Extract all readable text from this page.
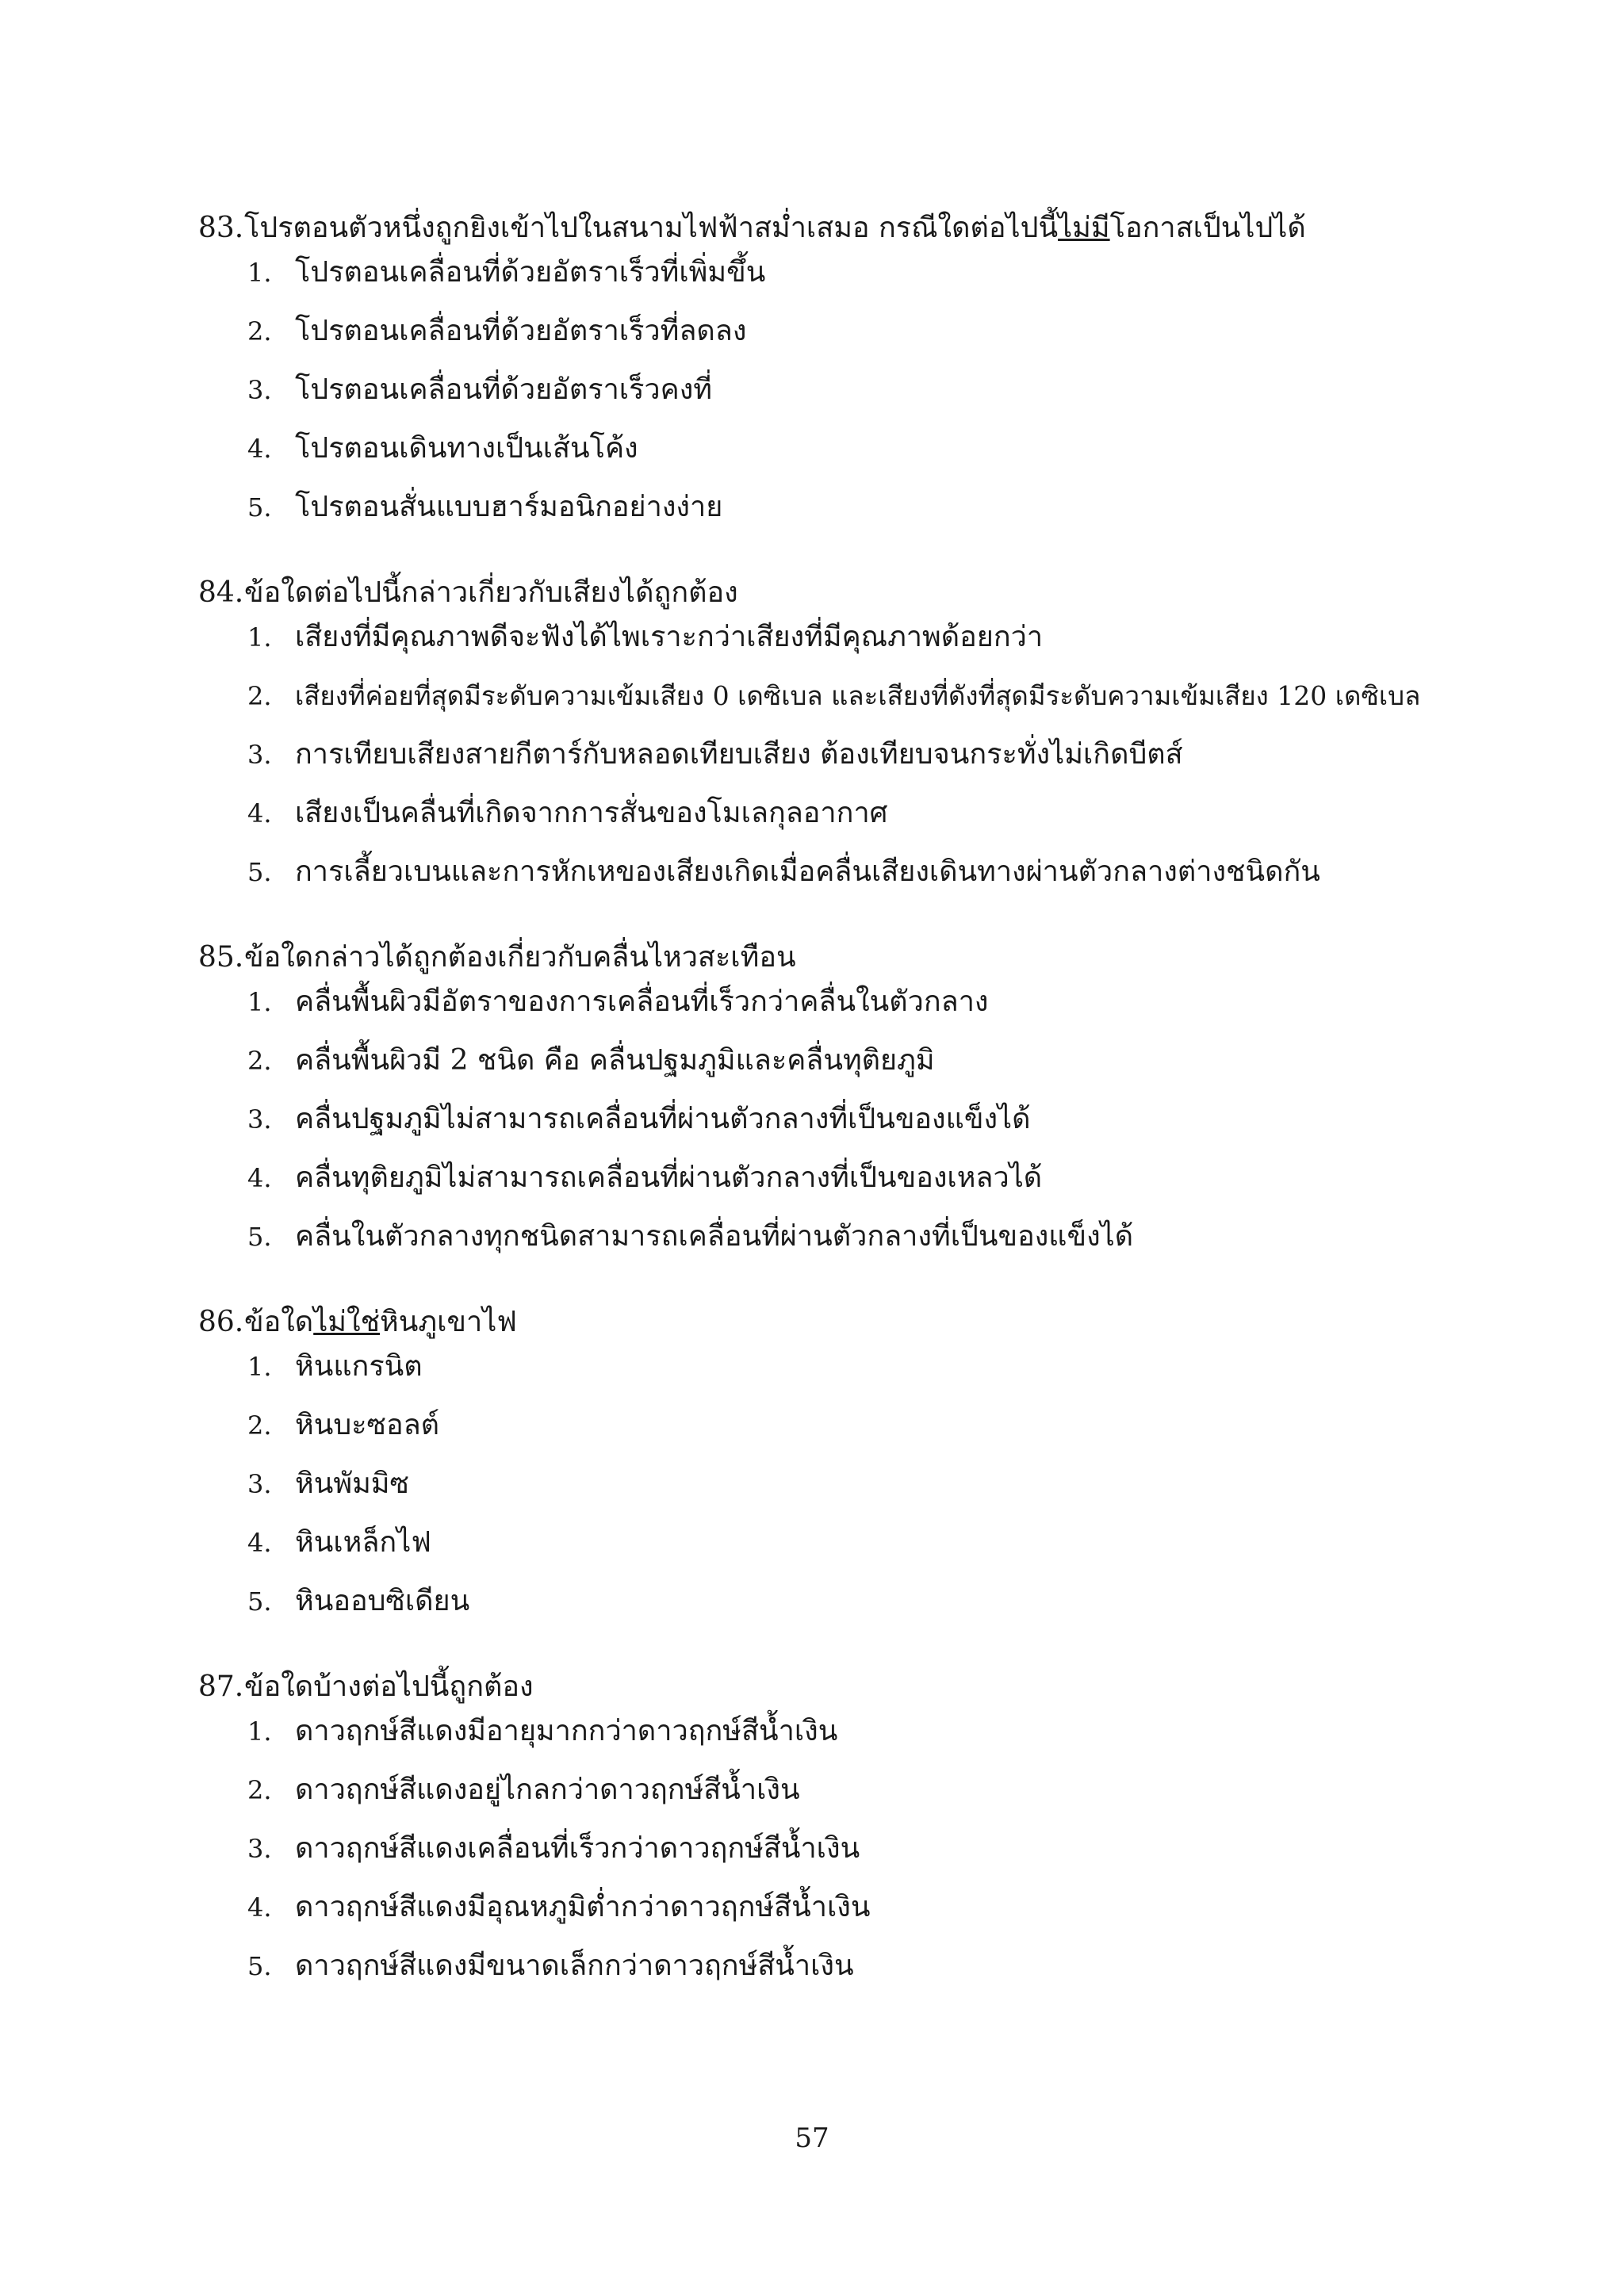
83. โปรตอนตัวหนึ่งถูกยิงเข้าไปในสนามไฟฟ้าสม่ำเสมอ กรณีใดต่อไปนี้ไม่มีโอกาสเป็นไปได้
1. โปรตอนเคลื่อนที่ด้วยอัตราเร็วที่เพิ่มขึ้น
2. โปรตอนเคลื่อนที่ด้วยอัตราเร็วที่ลดลง
3. โปรตอนเคลื่อนที่ด้วยอัตราเร็วคงที่
4. โปรตอนเดินทางเป็นเส้นโค้ง
5. โปรตอนสั่นแบบฮาร์มอนิกอย่างง่าย
84. ข้อใดต่อไปนี้กล่าวเกี่ยวกับเสียงได้ถูกต้อง
1. เสียงที่มีคุณภาพดีจะฟังได้ไพเราะกว่าเสียงที่มีคุณภาพด้อยกว่า
2. เสียงที่ค่อยที่สุดมีระดับความเข้มเสียง 0 เดซิเบล และเสียงที่ดังที่สุดมีระดับความเข้มเสียง 120 เดซิเบล
3. การเทียบเสียงสายกีตาร์กับหลอดเทียบเสียง ต้องเทียบจนกระทั่งไม่เกิดบีตส์
4. เสียงเป็นคลื่นที่เกิดจากการสั่นของโมเลกุลอากาศ
5. การเลี้ยวเบนและการหักเหของเสียงเกิดเมื่อคลื่นเสียงเดินทางผ่านตัวกลางต่างชนิดกัน
85. ข้อใดกล่าวได้ถูกต้องเกี่ยวกับคลื่นไหวสะเทือน
1. คลื่นพื้นผิวมีอัตราของการเคลื่อนที่เร็วกว่าคลื่นในตัวกลาง
2. คลื่นพื้นผิวมี 2 ชนิด คือ คลื่นปฐมภูมิและคลื่นทุติยภูมิ
3. คลื่นปฐมภูมิไม่สามารถเคลื่อนที่ผ่านตัวกลางที่เป็นของแข็งได้
4. คลื่นทุติยภูมิไม่สามารถเคลื่อนที่ผ่านตัวกลางที่เป็นของเหลวได้
5. คลื่นในตัวกลางทุกชนิดสามารถเคลื่อนที่ผ่านตัวกลางที่เป็นของแข็งได้
86. ข้อใดไม่ใช่หินภูเขาไฟ
1. หินแกรนิต
2. หินบะซอลต์
3. หินพัมมิซ
4. หินเหล็กไฟ
5. หินออบซิเดียน
87. ข้อใดบ้างต่อไปนี้ถูกต้อง
1. ดาวฤกษ์สีแดงมีอายุมากกว่าดาวฤกษ์สีน้ำเงิน
2. ดาวฤกษ์สีแดงอยู่ไกลกว่าดาวฤกษ์สีน้ำเงิน
3. ดาวฤกษ์สีแดงเคลื่อนที่เร็วกว่าดาวฤกษ์สีน้ำเงิน
4. ดาวฤกษ์สีแดงมีอุณหภูมิต่ำกว่าดาวฤกษ์สีน้ำเงิน
5. ดาวฤกษ์สีแดงมีขนาดเล็กกว่าดาวฤกษ์สีน้ำเงิน
57
